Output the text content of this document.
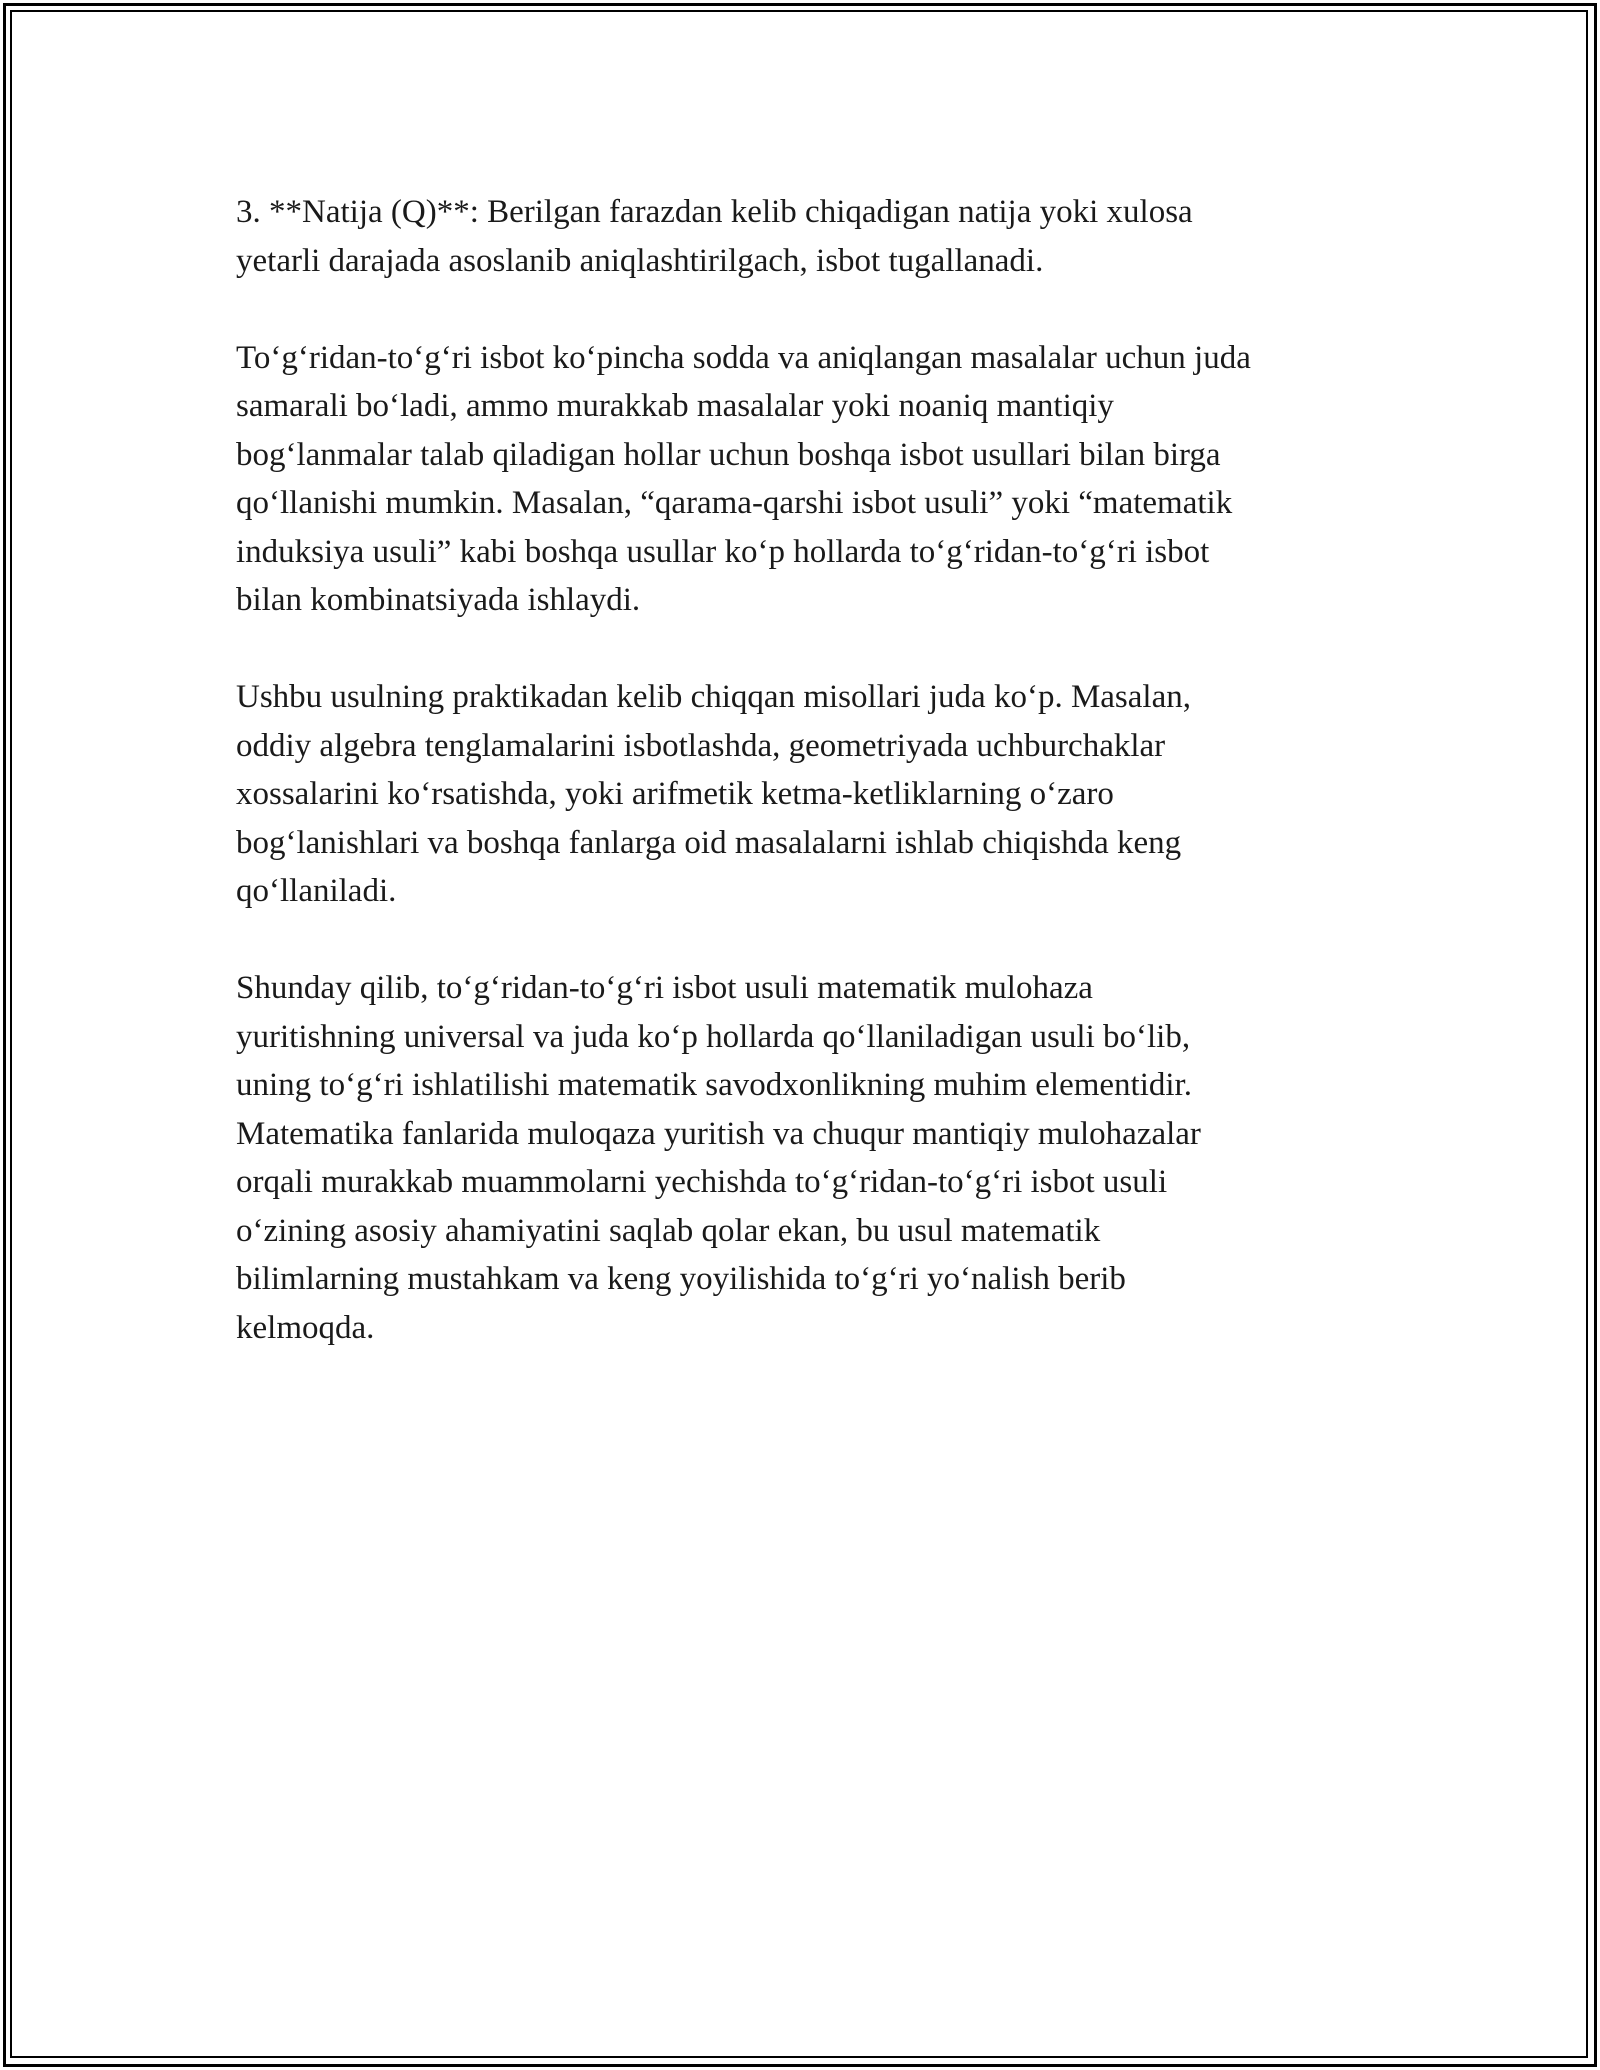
3. **Natija (Q)**: Berilgan farazdan kelib chiqadigan natija yoki xulosa
yetarli darajada asoslanib aniqlashtirilgach, isbot tugallanadi.

To‘g‘ridan-to‘g‘ri isbot ko‘pincha sodda va aniqlangan masalalar uchun juda
samarali bo‘ladi, ammo murakkab masalalar yoki noaniq mantiqiy
bog‘lanmalar talab qiladigan hollar uchun boshqa isbot usullari bilan birga
qo‘llanishi mumkin. Masalan, “qarama-qarshi isbot usuli” yoki “matematik
induksiya usuli” kabi boshqa usullar ko‘p hollarda to‘g‘ridan-to‘g‘ri isbot
bilan kombinatsiyada ishlaydi.

Ushbu usulning praktikadan kelib chiqqan misollari juda ko‘p. Masalan,
oddiy algebra tenglamalarini isbotlashda, geometriyada uchburchaklar
xossalarini ko‘rsatishda, yoki arifmetik ketma-ketliklarning o‘zaro
bog‘lanishlari va boshqa fanlarga oid masalalarni ishlab chiqishda keng
qo‘llaniladi.

Shunday qilib, to‘g‘ridan-to‘g‘ri isbot usuli matematik mulohaza
yuritishning universal va juda ko‘p hollarda qo‘llaniladigan usuli bo‘lib,
uning to‘g‘ri ishlatilishi matematik savodxonlikning muhim elementidir.
Matematika fanlarida muloqaza yuritish va chuqur mantiqiy mulohazalar
orqali murakkab muammolarni yechishda to‘g‘ridan-to‘g‘ri isbot usuli
o‘zining asosiy ahamiyatini saqlab qolar ekan, bu usul matematik
bilimlarning mustahkam va keng yoyilishida to‘g‘ri yo‘nalish berib
kelmoqda.
